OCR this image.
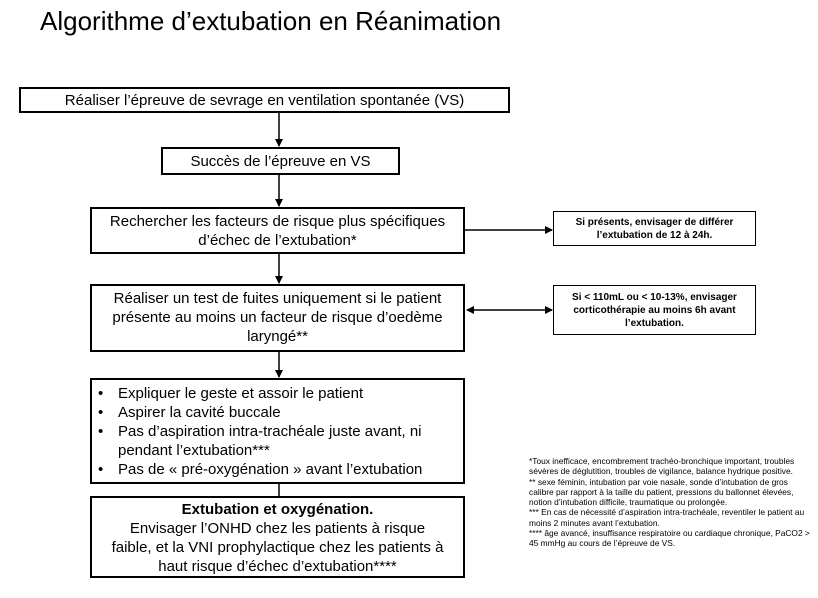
Algorithme d’extubation en Réanimation
Réaliser l’épreuve de sevrage en ventilation spontanée (VS)
Succès de l’épreuve en VS
Rechercher les facteurs de risque plus spécifiques
d’échec de l’extubation*
Réaliser un test de fuites uniquement si le patient
présente au moins un facteur de risque d’oedème
laryngé**
• Expliquer le geste et assoir le patient
• Aspirer la cavité buccale
• Pas d’aspiration intra-trachéale juste avant, ni pendant l’extubation***
• Pas de « pré-oxygénation » avant l’extubation
Extubation et oxygénation.
Envisager l’ONHD chez les patients à risque
faible, et la VNI prophylactique chez les patients à
haut risque d’échec d’extubation****
Si présents, envisager de différer
l’extubation de 12 à 24h.
Si < 110mL ou < 10-13%, envisager
corticothérapie au moins 6h avant
l’extubation.

*Toux inefficace, encombrement trachéo-bronchique important, troubles sévères de déglutition, troubles de vigilance, balance hydrique positive.

** sexe féminin, intubation par voie nasale, sonde d’intubation de gros calibre par rapport à la taille du patient, pressions du ballonnet élevées, notion d’intubation difficile, traumatique ou prolongée.

*** En cas de nécessité d’aspiration intra-trachéale, reventiler le patient au moins 2 minutes avant l’extubation.

**** âge avancé, insuffisance respiratoire ou cardiaque chronique, PaCO2 > 45 mmHg au cours de l’épreuve de VS.
